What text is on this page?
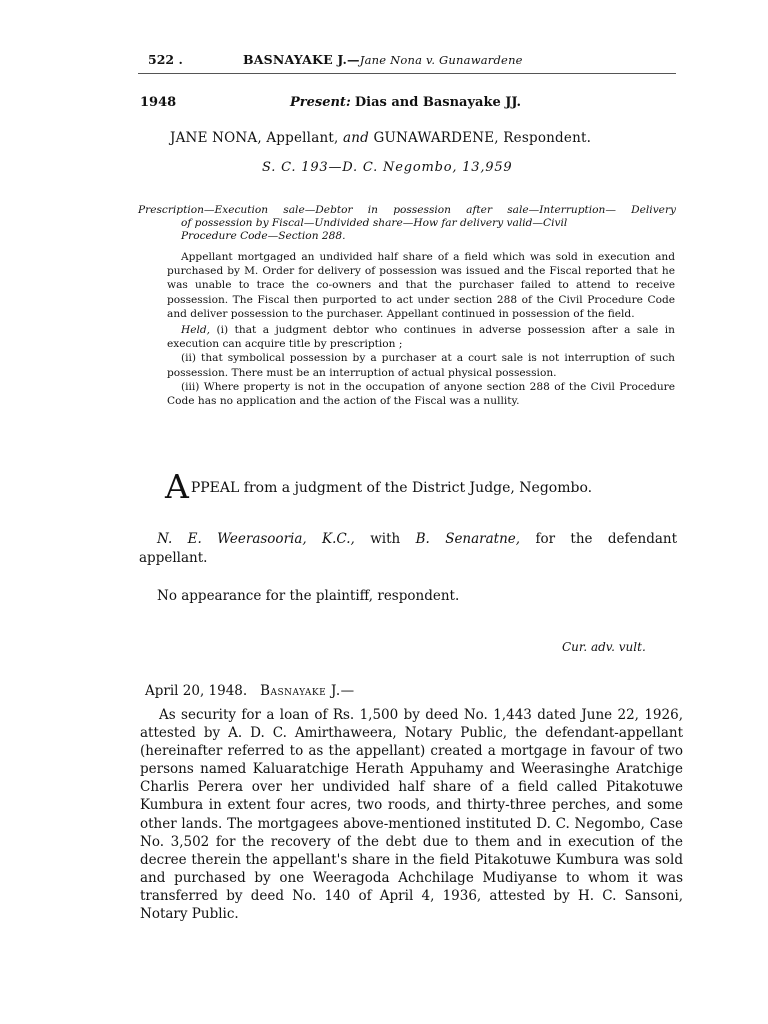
522 .	BASNAYAKE J.—Jane Nona v. Gunawardene
1948	Present: Dias and Basnayake JJ.
JANE NONA, Appellant, and GUNAWARDENE, Respondent.
S. C. 193—D. C. Negombo, 13,959
Prescription—Execution sale—Debtor in possession after sale—Interruption— Delivery
of possession by Fiscal—Undivided share—How far delivery valid—Civil
Procedure Code—Section 288.
Appellant mortgaged an undivided half share of a field which was sold in execution and purchased by M. Order for delivery of possession was issued and the Fiscal reported that he was unable to trace the co-owners and that the purchaser failed to attend to receive possession. The Fiscal then purported to act under section 288 of the Civil Procedure Code and deliver possession to the purchaser. Appellant continued in possession of the field.
Held, (i) that a judgment debtor who continues in adverse possession after a sale in execution can acquire title by prescription ;
(ii) that symbolical possession by a purchaser at a court sale is not interruption of such possession. There must be an interruption of actual physical possession.
(iii) Where property is not in the occupation of anyone section 288 of the Civil Procedure Code has no application and the action of the Fiscal was a nullity.
APPEAL from a judgment of the District Judge, Negombo.
N. E. Weerasooria, K.C., with B. Senaratne, for the defendant
appellant.
No appearance for the plaintiff, respondent.
Cur. adv. vult.
April 20, 1948. Basnayake J.—
As security for a loan of Rs. 1,500 by deed No. 1,443 dated June 22, 1926, attested by A. D. C. Amirthaweera, Notary Public, the defendant-appellant (hereinafter referred to as the appellant) created a mortgage in favour of two persons named Kaluaratchige Herath Appuhamy and Weerasinghe Aratchige Charlis Perera over her undivided half share of a field called Pitakotuwe Kumbura in extent four acres, two roods, and thirty-three perches, and some other lands. The mortgagees above-mentioned instituted D. C. Negombo, Case No. 3,502 for the recovery of the debt due to them and in execution of the decree therein the appellant's share in the field Pitakotuwe Kumbura was sold and purchased by one Weeragoda Achchilage Mudiyanse to whom it was transferred by deed No. 140 of April 4, 1936, attested by H. C. Sansoni, Notary Public.
